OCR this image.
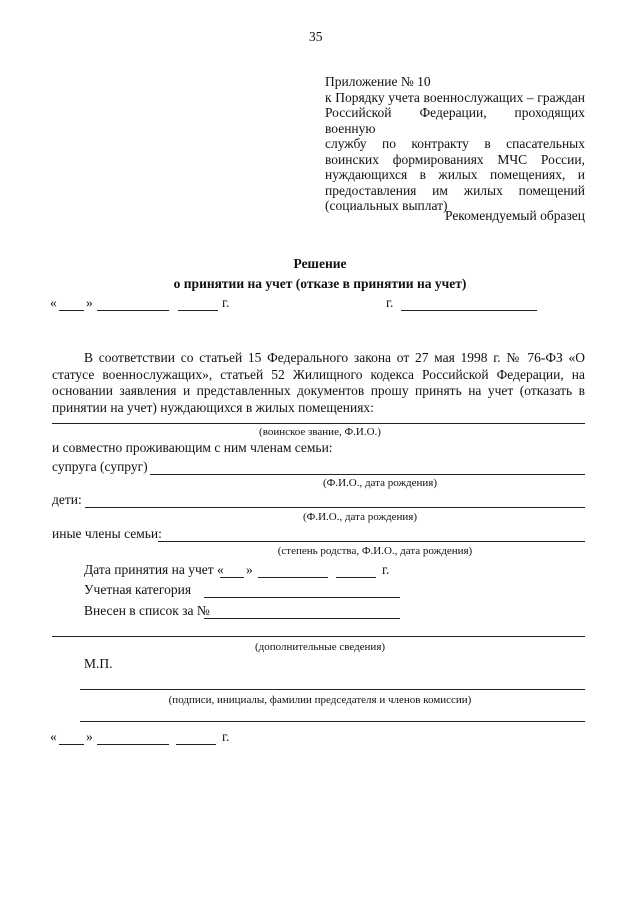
35
Приложение № 10
к Порядку учета военнослужащих – граждан
Российской Федерации, проходящих военную
службу по контракту в спасательных
воинских формированиях МЧС России,
нуждающихся в жилых помещениях, и
предоставления им жилых помещений
(социальных выплат)
Рекомендуемый образец
Решение
о принятии на учет (отказе в принятии на учет)
« »	г.	г.
В соответствии со статьей 15 Федерального закона от 27 мая 1998 г. № 76-ФЗ «О статусе военнослужащих», статьей 52 Жилищного кодекса Российской Федерации, на основании заявления и представленных документов прошу принять на учет (отказать в принятии на учет) нуждающихся в жилых помещениях:
(воинское звание, Ф.И.О.)
и совместно проживающим с ним членам семьи:
супруга (супруг)
(Ф.И.О., дата рождения)
дети:
(Ф.И.О., дата рождения)
иные члены семьи:
(степень родства, Ф.И.О., дата рождения)
Дата принятия на учет « »	г.
Учетная категория
Внесен в список за №
(дополнительные сведения)
М.П.
(подписи, инициалы, фамилии председателя и членов комиссии)
« »	г.
